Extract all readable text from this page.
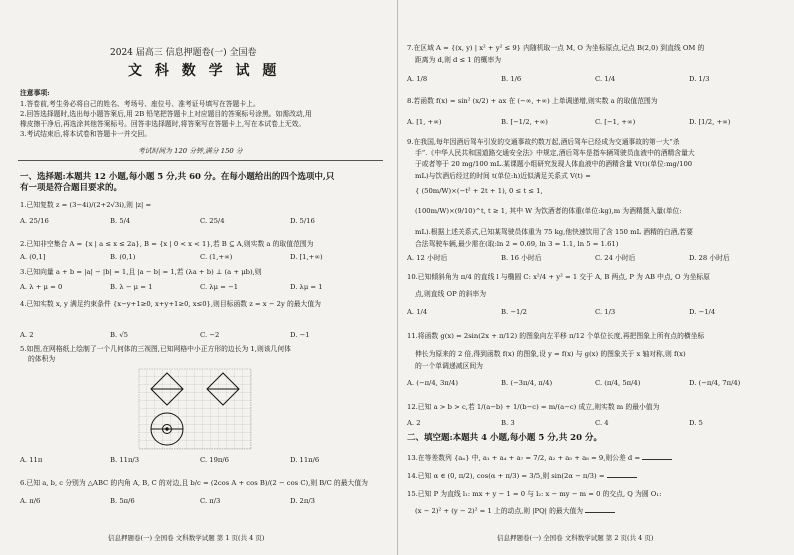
2024 届高三 信息押题卷(一) 全国卷
文 科 数 学 试 题
注意事项:
1.答卷前,考生务必将自己的姓名、考场号、座位号、准考证号填写在答题卡上。
2.回答选择题时,选出每小题答案后,用 2B 铅笔把答题卡上对应题目的答案标号涂黑。如需改动,用
橡皮擦干净后,再选涂其他答案标号。回答非选择题时,将答案写在答题卡上,写在本试卷上无效。
3.考试结束后,将本试卷和答题卡一并交回。
考试时间为 120 分钟,满分 150 分
一、选择题:本题共 12 小题,每小题 5 分,共 60 分。在每小题给出的四个选项中,只
有一项是符合题目要求的。
1.已知复数 z = (3−4i)/(2+2√3i),则 |z| =
A. 25/16	B. 5/4	C. 25/4	D. 5/16
2.已知非空集合 A = {x | a ≤ x ≤ 2a}, B = {x | 0 < x < 1},若 B ⊆ A,则实数 a 的取值范围为
A. (0,1]	B. (0,1)	C. (1,+∞)	D. [1,+∞)
3.已知向量 a + b = |a| − |b| = 1,且 |a − b| = 1,若 (λa + b) ⊥ (a + μb),则
A. λ + μ = 0	B. λ − μ = 1	C. λμ = −1	D. λμ = 1
4.已知实数 x, y 满足约束条件 {x−y+1≥0, x+y+1≥0, x≤0},则目标函数 z = x − 2y 的最大值为
A. 2	B. √5	C. −2	D. −1
5.如图,在网格纸上绘制了一个几何体的三视图,已知网格中小正方形的边长为 1,则该几何体
的体积为
A. 11π	B. 11π/3	C. 19π/6	D. 11π/6
6.已知 a, b, c 分别为 △ABC 的内角 A, B, C 的对边,且 b/c = (2cos A + cos B)/(2 − cos C),则 B/C 的最大值为
A. π/6	B. 5π/6	C. π/3	D. 2π/3
信息押题卷(一) 全国卷 文科数学试题 第 1 页(共 4 页)
7.在区域 A = {(x, y) | x² + y² ≤ 9} 内随机取一点 M, O 为坐标原点,记点 B(2,0) 到直线 OM 的
距离为 d,则 d ≤ 1 的概率为
A. 1/8	B. 1/6	C. 1/4	D. 1/3
8.若函数 f(x) = sin² (x/2) + ax 在 (−∞, +∞) 上单调递增,则实数 a 的取值范围为
A. [1, +∞)	B. [−1/2, +∞)	C. [−1, +∞)	D. [1/2, +∞)
9.在我国,每年因酒后驾车引发的交通事故约数万起,酒后驾车已经成为交通事故的第一大“杀
手”.《中华人民共和国道路交通安全法》中规定,酒后驾车是指车辆驾驶员血液中的酒精含量大
于或者等于 20 mg/100 mL.某课题小组研究发现人体血液中的酒精含量 V(t)(单位:mg/100
mL)与饮酒后经过的时间 t(单位:h)近似满足关系式 V(t) =
{ (50m/W)×(−t² + 2t + 1), 0 ≤ t ≤ 1,
(100m/W)×(9/10)^t, t ≥ 1, 其中 W 为饮酒者的体重(单位:kg),m 为酒精摄入量(单位:
mL).根据上述关系式,已知某驾驶员体重为 75 kg,他快速饮用了含 150 mL 酒精的白酒,若要
合法驾驶车辆,最少需在(取:ln 2 = 0.69, ln 3 = 1.1, ln 5 = 1.61)
A. 12 小时后	B. 16 小时后	C. 24 小时后	D. 28 小时后
10.已知倾斜角为 π/4 的直线 l 与椭圆 C: x²/4 + y² = 1 交于 A, B 两点, P 为 AB 中点, O 为坐标原
点,则直线 OP 的斜率为
A. 1/4	B. −1/2	C. 1/3	D. −1/4
11.将函数 g(x) = 2sin(2x + π/12) 的图象向左平移 π/12 个单位长度,再把图象上所有点的横坐标
伸长为原来的 2 倍,得到函数 f(x) 的图象,设 y = f(x) 与 g(x) 的图象关于 x 轴对称,则 f(x)
的一个单调递减区间为
A. (−π/4, 3π/4)	B. (−3π/4, π/4)	C. (π/4, 5π/4)	D. (−π/4, 7π/4)
12.已知 a > b > c,若 1/(a−b) + 1/(b−c) = m/(a−c) 成立,则实数 m 的最小值为
A. 2	B. 3	C. 4	D. 5
二、填空题:本题共 4 小题,每小题 5 分,共 20 分。
13.在等差数列 {aₙ} 中, a₁ + a₄ + a₇ = 7/2, a₂ + a₅ + a₈ = 9,则公差 d =
14.已知 α ∈ (0, π/2), cos(α + π/3) = 3/5,则 sin(2α − π/3) =
15.已知 P 为直线 l₁: mx + y − 1 = 0 与 l₂: x − my − m = 0 的交点, Q 为圆 O₁:
(x − 2)² + (y − 2)² = 1 上的动点,则 |PQ| 的最大值为
信息押题卷(一) 全国卷 文科数学试题 第 2 页(共 4 页)
